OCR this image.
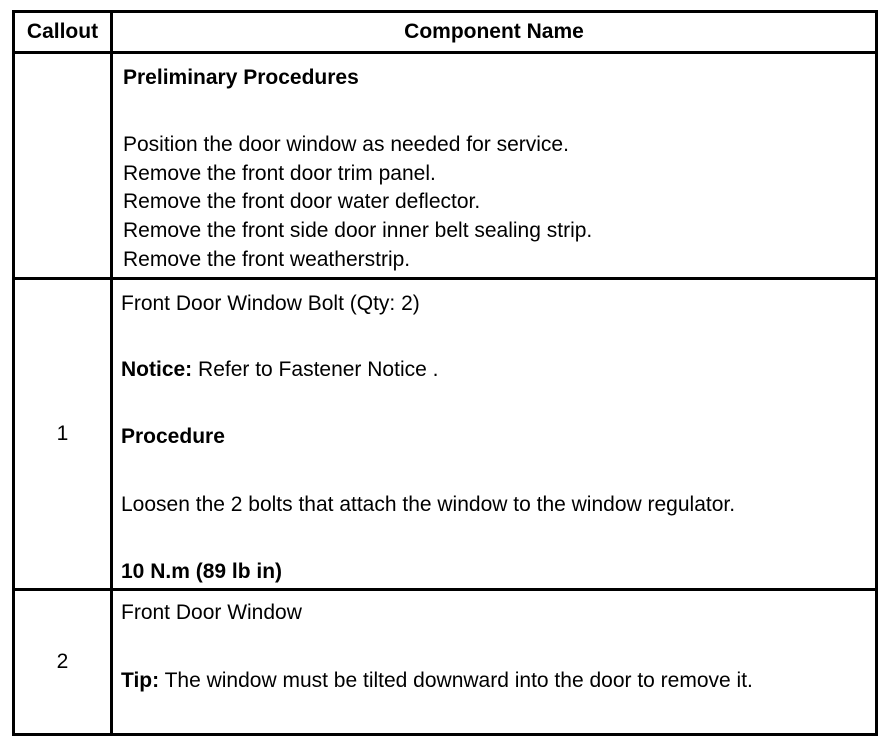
Callout	Component Name
Preliminary Procedures
Position the door window as needed for service.
Remove the front door trim panel.
Remove the front door water deflector.
Remove the front side door inner belt sealing strip.
Remove the front weatherstrip.
1
Front Door Window Bolt (Qty: 2)
Notice: Refer to Fastener Notice .
Procedure
Loosen the 2 bolts that attach the window to the window regulator.
10 N.m (89 lb in)
2
Front Door Window
Tip: The window must be tilted downward into the door to remove it.
